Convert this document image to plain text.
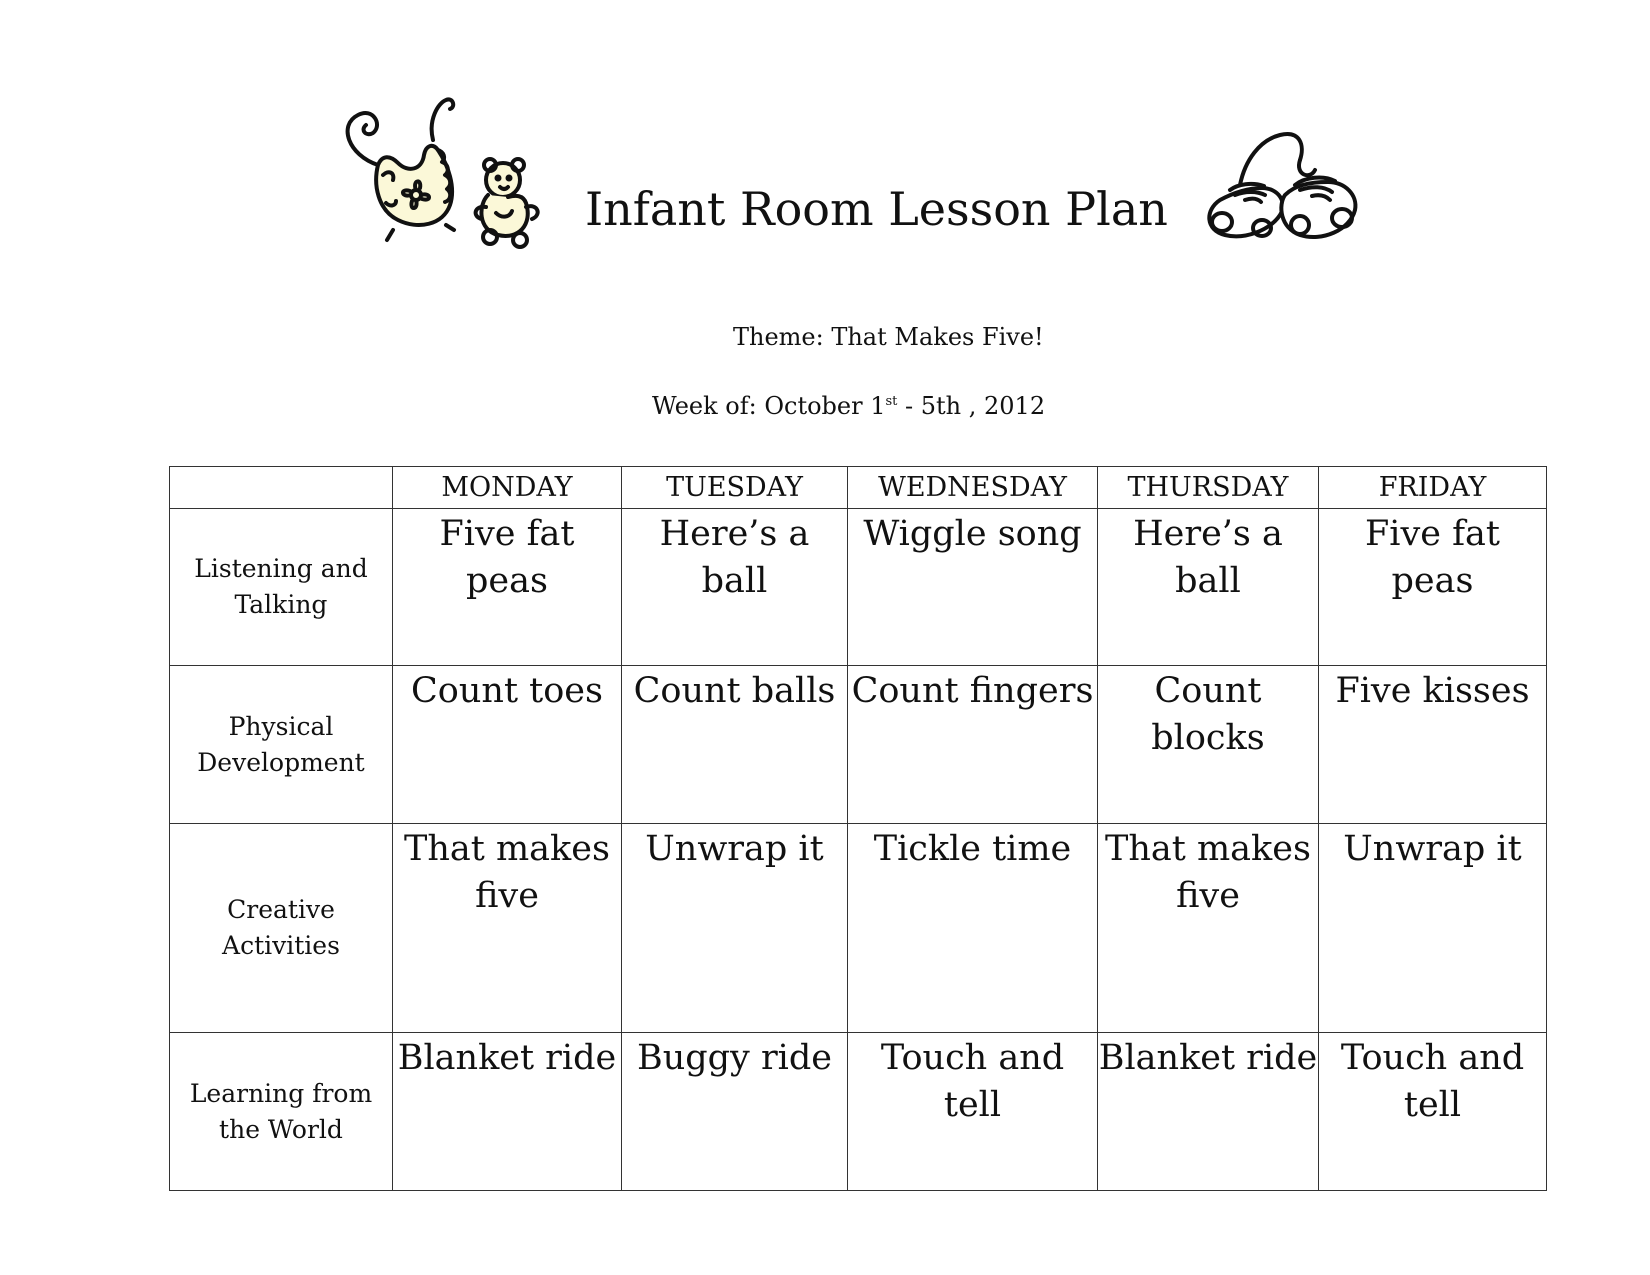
Infant Room Lesson Plan
Theme: That Makes Five!
Week of: October 1st - 5th , 2012
	MONDAY	TUESDAY	WEDNESDAY	THURSDAY	FRIDAY
Listening and Talking	Five fat peas	Here’s a ball	Wiggle song	Here’s a ball	Five fat peas
Physical Development	Count toes	Count balls	Count fingers	Count blocks	Five kisses
Creative Activities	That makes five	Unwrap it	Tickle time	That makes five	Unwrap it
Learning from the World	Blanket ride	Buggy ride	Touch and tell	Blanket ride	Touch and tell
